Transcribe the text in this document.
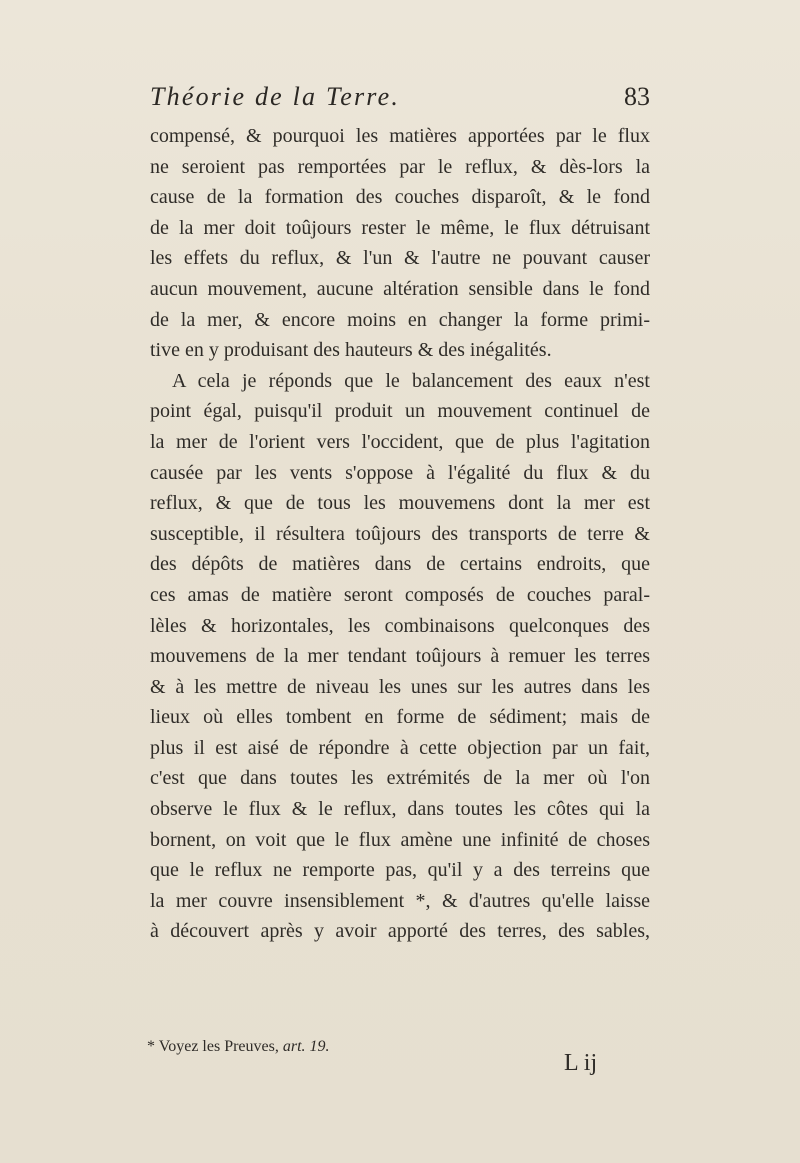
Théorie de la Terre.	83
compensé, & pourquoi les matières apportées par le flux
ne seroient pas remportées par le reflux, & dès-lors la
cause de la formation des couches disparoît, & le fond
de la mer doit toûjours rester le même, le flux détruisant
les effets du reflux, & l'un & l'autre ne pouvant causer
aucun mouvement, aucune altération sensible dans le fond
de la mer, & encore moins en changer la forme primi-
tive en y produisant des hauteurs & des inégalités.
A cela je réponds que le balancement des eaux n'est
point égal, puisqu'il produit un mouvement continuel de
la mer de l'orient vers l'occident, que de plus l'agitation
causée par les vents s'oppose à l'égalité du flux & du
reflux, & que de tous les mouvemens dont la mer est
susceptible, il résultera toûjours des transports de terre &
des dépôts de matières dans de certains endroits, que
ces amas de matière seront composés de couches paral-
lèles & horizontales, les combinaisons quelconques des
mouvemens de la mer tendant toûjours à remuer les terres
& à les mettre de niveau les unes sur les autres dans les
lieux où elles tombent en forme de sédiment; mais de
plus il est aisé de répondre à cette objection par un fait,
c'est que dans toutes les extrémités de la mer où l'on
observe le flux & le reflux, dans toutes les côtes qui la
bornent, on voit que le flux amène une infinité de choses
que le reflux ne remporte pas, qu'il y a des terreins que
la mer couvre insensiblement *, & d'autres qu'elle laisse
à découvert après y avoir apporté des terres, des sables,
* Voyez les Preuves, art. 19.
L ij
